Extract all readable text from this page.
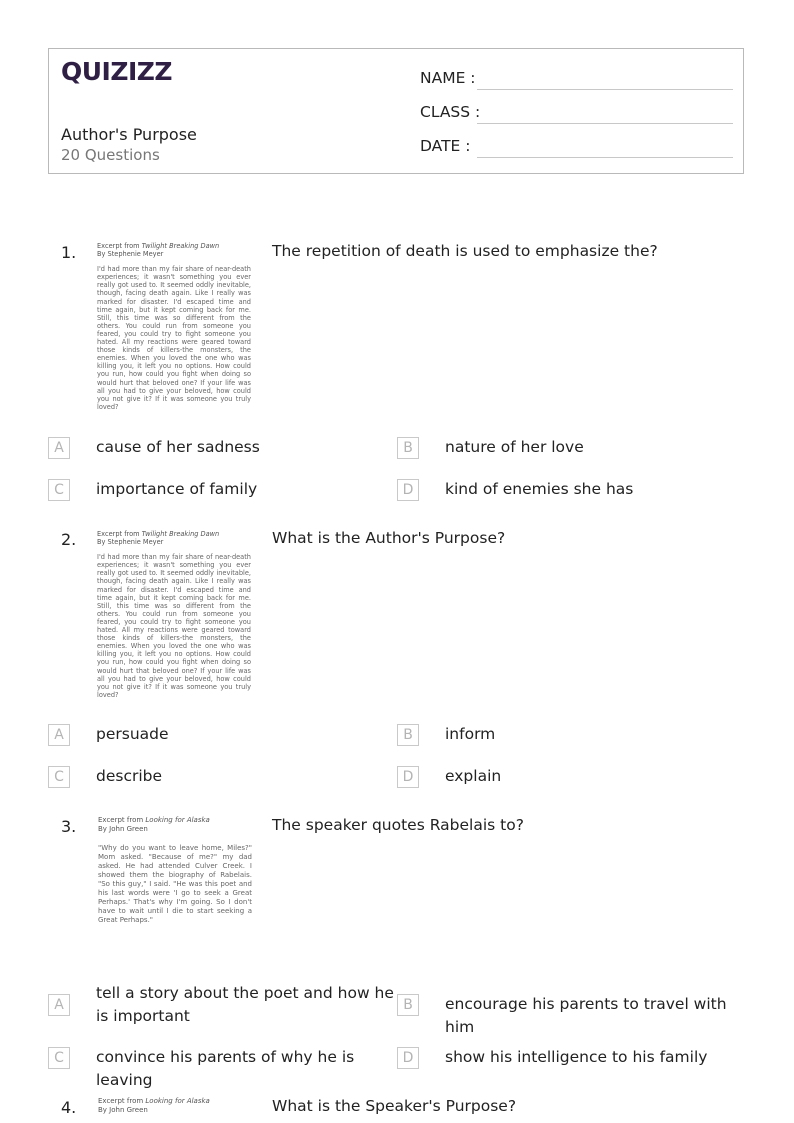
QUIZIZZ
Author's Purpose
20 Questions
NAME :
CLASS :
DATE :
1.	Excerpt from Twilight Breaking Dawn
By Stephenie Meyer
I'd had more than my fair share of near-death experiences; it wasn't something you ever really got used to. It seemed oddly inevitable, though, facing death again. Like I really was marked for disaster. I'd escaped time and time again, but it kept coming back for me. Still, this time was so different from the others. You could run from someone you feared, you could try to fight someone you hated. All my reactions were geared toward those kinds of killers-the monsters, the enemies. When you loved the one who was killing you, it left you no options. How could you run, how could you fight when doing so would hurt that beloved one? If your life was all you had to give your beloved, how could you not give it? If it was someone you truly loved?
The repetition of death is used to emphasize the?
A	cause of her sadness	B	nature of her love
C	importance of family	D	kind of enemies she has
2.	Excerpt from Twilight Breaking Dawn
By Stephenie Meyer
I'd had more than my fair share of near-death experiences; it wasn't something you ever really got used to. It seemed oddly inevitable, though, facing death again. Like I really was marked for disaster. I'd escaped time and time again, but it kept coming back for me. Still, this time was so different from the others. You could run from someone you feared, you could try to fight someone you hated. All my reactions were geared toward those kinds of killers-the monsters, the enemies. When you loved the one who was killing you, it left you no options. How could you run, how could you fight when doing so would hurt that beloved one? If your life was all you had to give your beloved, how could you not give it? If it was someone you truly loved?
What is the Author's Purpose?
A	persuade	B	inform
C	describe	D	explain
3.	Excerpt from Looking for Alaska
By John Green
"Why do you want to leave home, Miles?" Mom asked. "Because of me?" my dad asked. He had attended Culver Creek. I showed them the biography of Rabelais. "So this guy," I said. "He was this poet and his last words were 'I go to seek a Great Perhaps.' That's why I'm going. So I don't have to wait until I die to start seeking a Great Perhaps."
The speaker quotes Rabelais to?
A
tell a story about the poet and how he is important
B	encourage his parents to travel with him
C	convince his parents of why he is leaving
D	show his intelligence to his family
4.	Excerpt from Looking for Alaska
By John Green	What is the Speaker's Purpose?
